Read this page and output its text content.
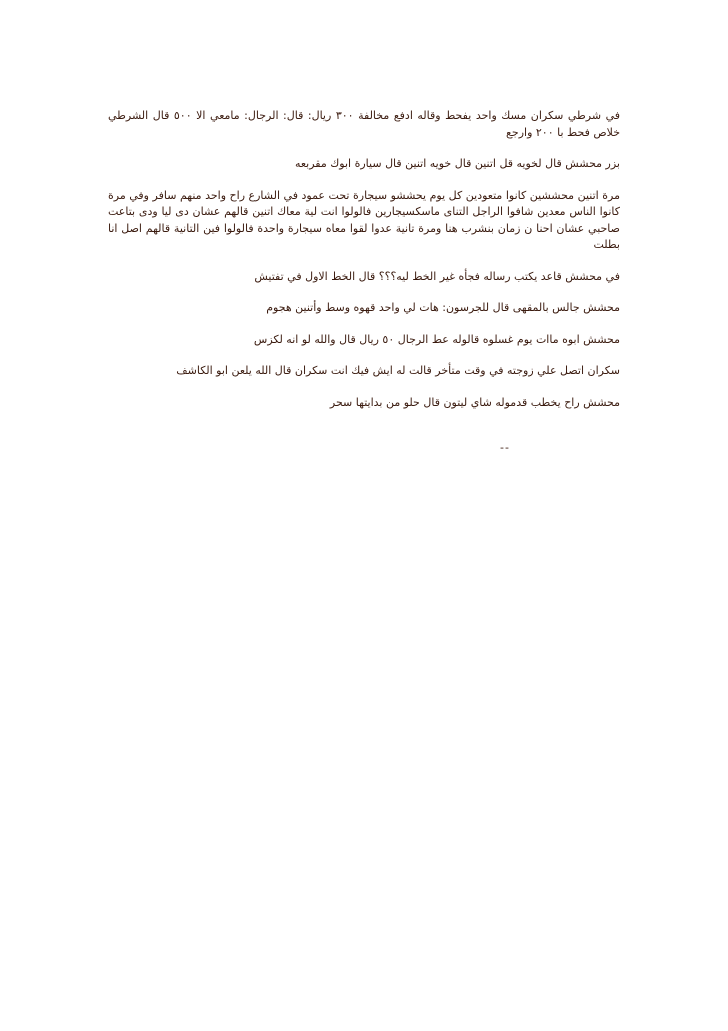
في شرطي سكران مسك واحد يفحط وقاله ادفع مخالفة ٣٠٠ ريال: قال: الرجال: مامعي الا ٥٠٠ قال الشرطي خلاص فحط با ٢٠٠ وارجع

بزر محشش قال لخويه قل اتنين قال خويه اتنين قال سيارة ابوك مقربعه

مرة اتنين محششين كانوا متعودين كل يوم يحششو سيجارة تحت عمود في الشارع راح واحد منهم سافر وفي مرة كانوا الناس معدين شافوا الراجل التناى ماسكسيجارين فالولوا انت لية معاك اتنين قالهم عشان دى ليا ودى بتاعت صاحبي عشان احنا ن زمان بنشرب هنا ومرة تانية عدوا لقوا معاه سيجارة واحدة فالولوا فين التانية قالهم اصل انا بطلت

في محشش قاعد يكتب رساله فجأه غير الخط ليه؟؟؟ قال الخط الاول في تفتيش

محشش جالس بالمقهى قال للجرسون: هات لي واحد قهوه وسط وأتنين هجوم

محشش ابوه ماات يوم غسلوه قالوله عط الرجال ٥٠ ريال قال والله لو انه لكزس

سكران اتصل علي زوجته في وقت متأخر قالت له ايش فيك انت سكران قال الله يلعن ابو الكاشف

محشش راح يخطب قدموله شاي ليتون قال حلو من بدايتها سحر

--
